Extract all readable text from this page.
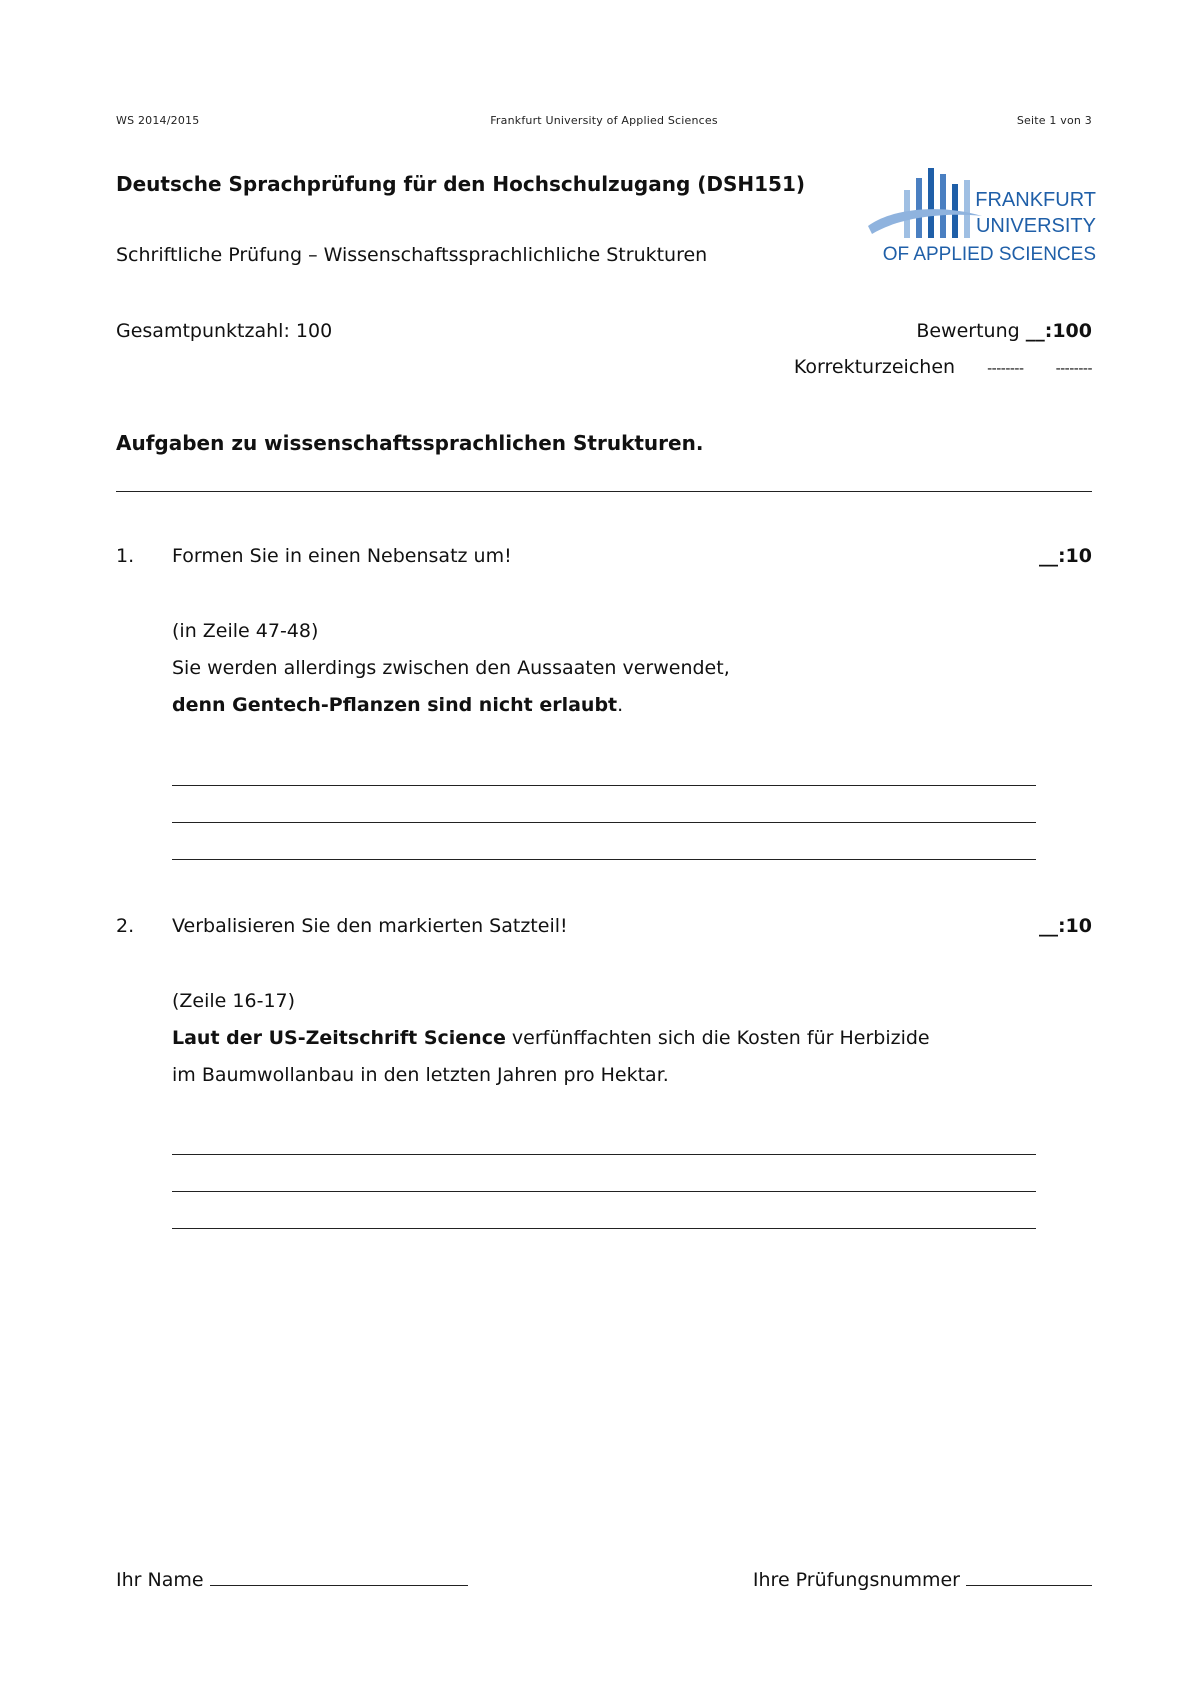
WS 2014/2015	Frankfurt University of Applied Sciences	Seite 1 von 3
Deutsche Sprachprüfung für den Hochschulzugang (DSH151)
Schriftliche Prüfung – Wissenschaftssprachlichliche Strukturen
FRANKFURT
UNIVERSITY
OF APPLIED SCIENCES
Gesamtpunktzahl: 100	Bewertung __:100
Korrekturzeichen -------- --------
Aufgaben zu wissenschaftssprachlichen Strukturen.
1. Formen Sie in einen Nebensatz um!	__:10
(in Zeile 47-48)
Sie werden allerdings zwischen den Aussaaten verwendet,
denn Gentech-Pflanzen sind nicht erlaubt.
2. Verbalisieren Sie den markierten Satzteil!	__:10
(Zeile 16-17)
Laut der US-Zeitschrift Science verfünffachten sich die Kosten für Herbizide
im Baumwollanbau in den letzten Jahren pro Hektar.
Ihr Name	Ihre Prüfungsnummer
